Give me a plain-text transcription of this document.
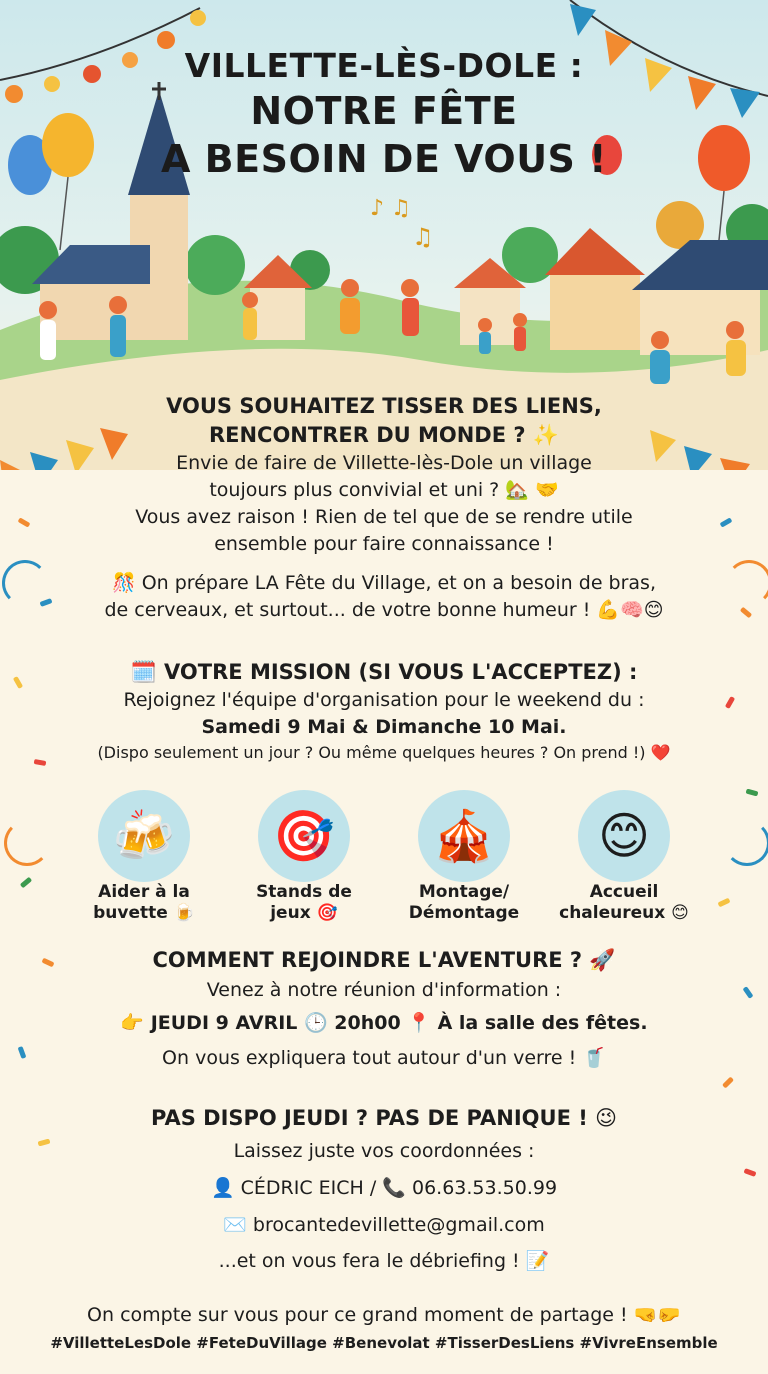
♪ ♫
♫
VILLETTE-LÈS-DOLE :
NOTRE FÊTE
A BESOIN DE VOUS !
VOUS SOUHAITEZ TISSER DES LIENS,
RENCONTRER DU MONDE ? ✨
Envie de faire de Villette-lès-Dole un village
toujours plus convivial et uni ? 🏡 🤝
Vous avez raison ! Rien de tel que de se rendre utile
ensemble pour faire connaissance !
🎊 On prépare LA Fête du Village, et on a besoin de bras,
de cerveaux, et surtout... de votre bonne humeur ! 💪🧠😊
🗓️ VOTRE MISSION (SI VOUS L'ACCEPTEZ) :
Rejoignez l'équipe d'organisation pour le weekend du :
Samedi 9 Mai & Dimanche 10 Mai.
(Dispo seulement un jour ? Ou même quelques heures ? On prend !) ❤️
🍻 🎯 🎪	😊
Aider à la
buvette 🍺
Stands de
jeux 🎯
Montage/
Démontage
Accueil
chaleureux 😊
COMMENT REJOINDRE L'AVENTURE ? 🚀
Venez à notre réunion d'information :
👉 JEUDI 9 AVRIL 🕒 20h00 📍 À la salle des fêtes.
On vous expliquera tout autour d'un verre ! 🥤
PAS DISPO JEUDI ? PAS DE PANIQUE ! 😉
Laissez juste vos coordonnées :
👤 CÉDRIC EICH / 📞 06.63.53.50.99
✉️ brocantedevillette@gmail.com
...et on vous fera le débriefing ! 📝
On compte sur vous pour ce grand moment de partage ! 🤜🤛
#VilletteLesDole #FeteDuVillage #Benevolat #TisserDesLiens #VivreEnsemble
